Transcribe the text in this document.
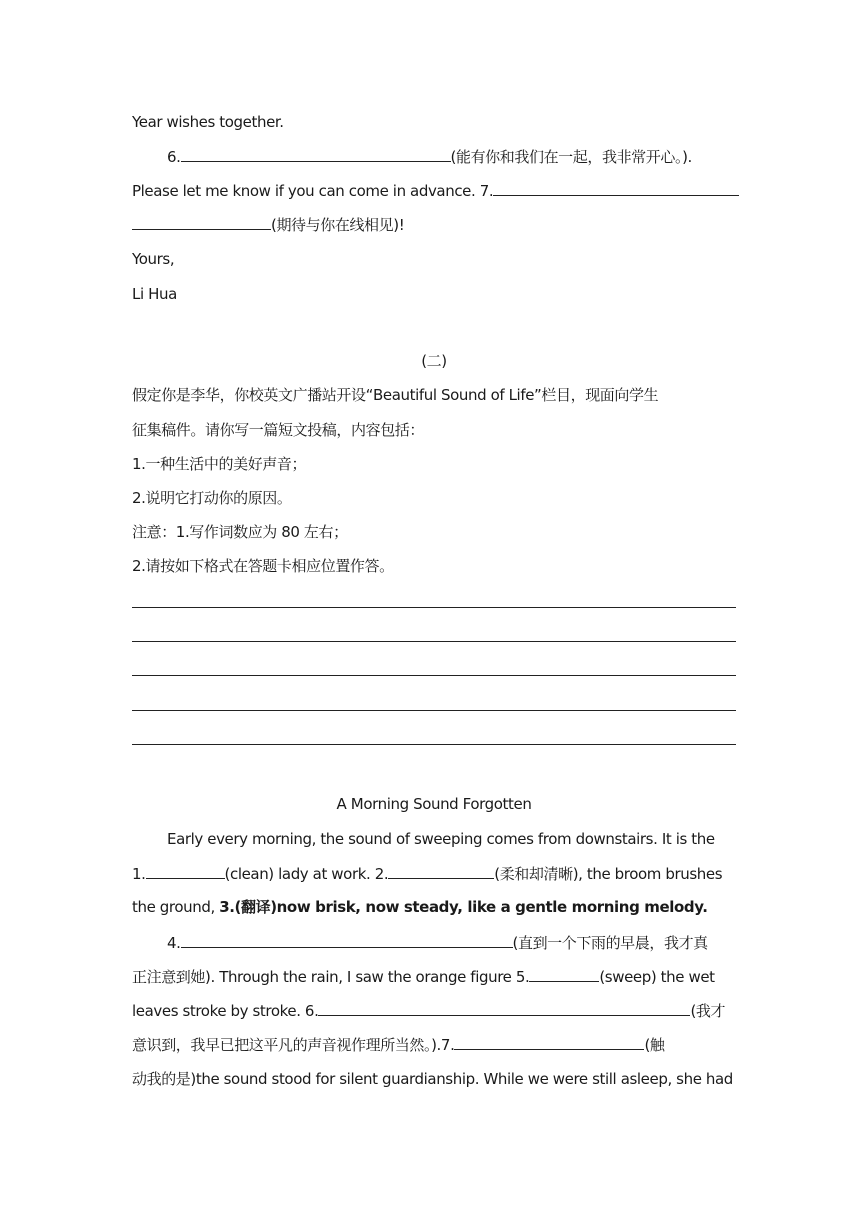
Year wishes together.
6.	(能有你和我们在一起，我非常开心。).
Please let me know if you can come in advance. 7.
(期待与你在线相见)!
Yours,
Li Hua
(二)
假定你是李华，你校英文广播站开设“Beautiful Sound of Life”栏目，现面向学生
征集稿件。请你写一篇短文投稿，内容包括：
1.一种生活中的美好声音；
2.说明它打动你的原因。
注意：1.写作词数应为 80 左右；
2.请按如下格式在答题卡相应位置作答。
A Morning Sound Forgotten
Early every morning, the sound of sweeping comes from downstairs. It is the
1.	(clean) lady at work. 2.	(柔和却清晰), the broom brushes
the ground, 3.(翻译)now brisk, now steady, like a gentle morning melody.
4.	(直到一个下雨的早晨，我才真
正注意到她). Through the rain, I saw the orange figure 5.	(sweep) the wet
leaves stroke by stroke. 6.	(我才
意识到，我早已把这平凡的声音视作理所当然。).7.	(触
动我的是)the sound stood for silent guardianship. While we were still asleep, she had
